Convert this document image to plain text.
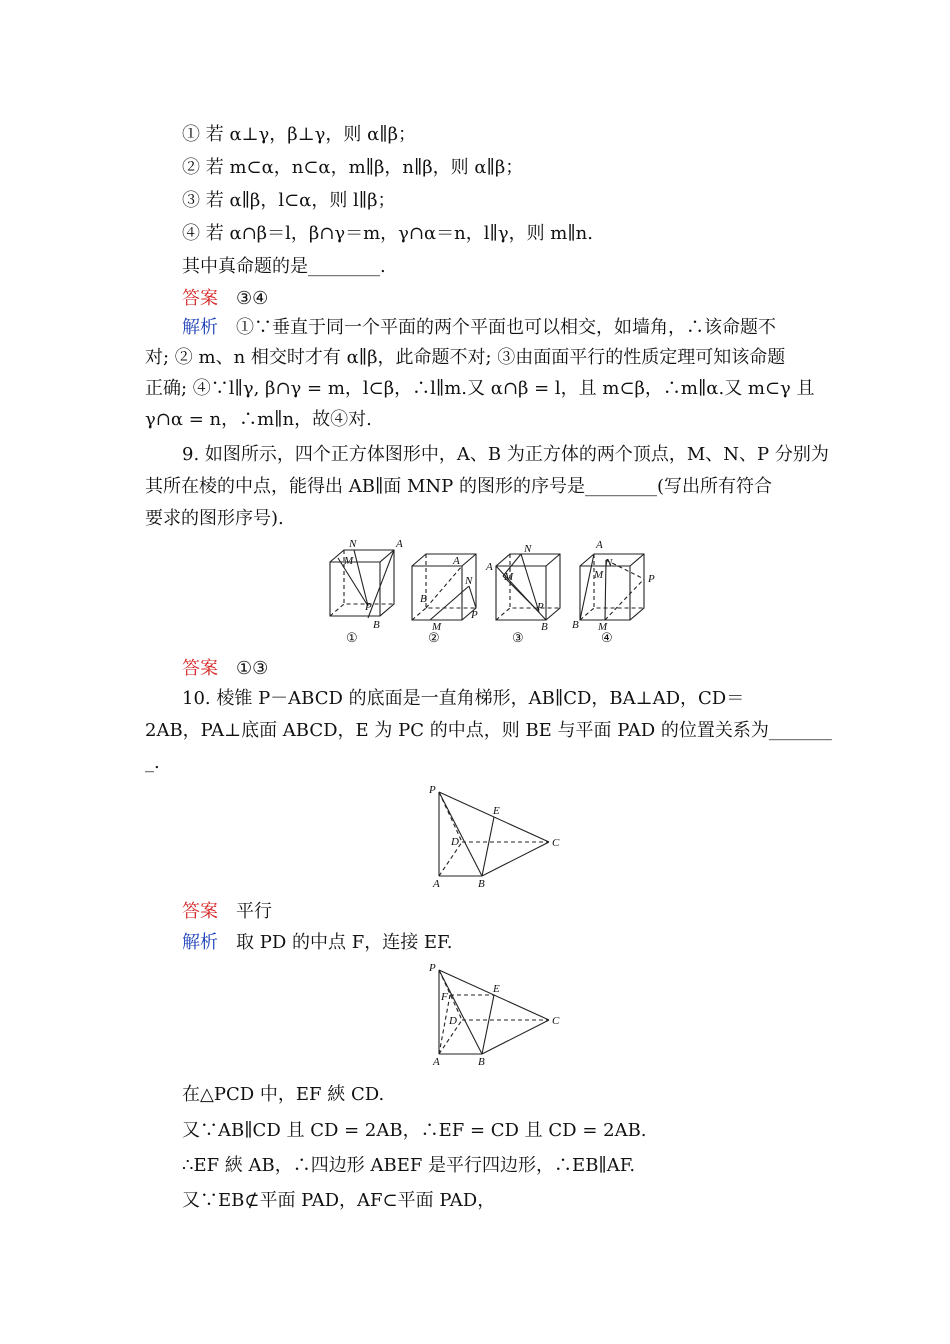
① 若 α⊥γ，β⊥γ，则 α∥β；
② 若 m⊂α，n⊂α，m∥β，n∥β，则 α∥β；
③ 若 α∥β，l⊂α，则 l∥β；
④ 若 α∩β＝l，β∩γ＝m，γ∩α＝n，l∥γ，则 m∥n.
其中真命题的是________.
答案 ③④
解析 ①∵垂直于同一个平面的两个平面也可以相交，如墙角，∴该命题不
对; ② m、n 相交时才有 α∥β，此命题不对; ③由面面平行的性质定理可知该命题
正确; ④∵l∥γ, β∩γ = m，l⊂β，∴l∥m.又 α∩β = l，且 m⊂β，∴m∥α.又 m⊂γ 且
γ∩α = n，∴m∥n，故④对.
9. 如图所示，四个正方体图形中，A、B 为正方体的两个顶点，M、N、P 分别为
其所在棱的中点，能得出 AB∥面 MNP 的图形的序号是________(写出所有符合
要求的图形序号).
N	A
M
P
B
①
A
B
N
M
P
②
N
A
M
P
B
③
A
N
M	P
B M
④
答案 ①③
10. 棱锥 P－ABCD 的底面是一直角梯形，AB∥CD，BA⊥AD，CD＝
2AB，PA⊥底面 ABCD，E 为 PC 的中点，则 BE 与平面 PAD 的位置关系为_______
_.
P
E
D	C
A	B
答案 平行
解析 取 PD 的中点 F，连接 EF.
P
F
E
D	C
A	B
在△PCD 中，EF 綊 CD.
又∵AB∥CD 且 CD = 2AB，∴EF = CD 且 CD = 2AB.
∴EF 綊 AB，∴四边形 ABEF 是平行四边形，∴EB∥AF.
又∵EB⊄平面 PAD，AF⊂平面 PAD，
